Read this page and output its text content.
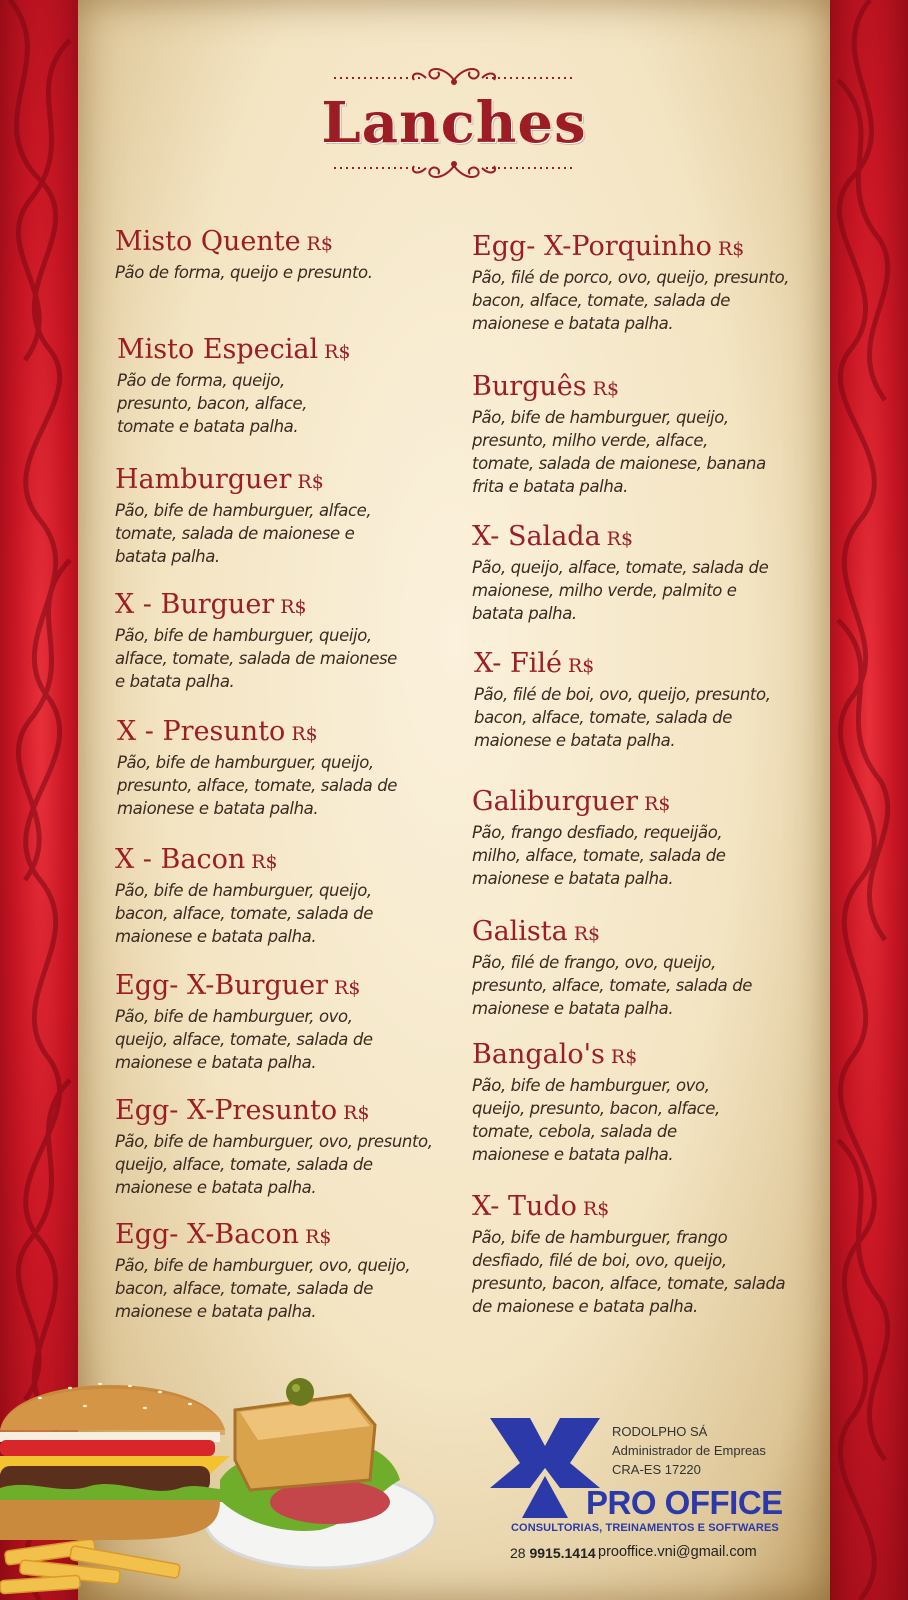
Lanches
Misto Quente R$

Pão de forma, queijo e presunto.

Misto Especial R$

Pão de forma, queijo, presunto, bacon, alface, tomate e batata palha.

Hamburguer R$

Pão, bife de hamburguer, alface, tomate, salada de maionese e batata palha.

X - Burguer R$

Pão, bife de hamburguer, queijo, alface, tomate, salada de maionese e batata palha.

X - Presunto R$

Pão, bife de hamburguer, queijo, presunto, alface, tomate, salada de maionese e batata palha.

X - Bacon R$

Pão, bife de hamburguer, queijo, bacon, alface, tomate, salada de maionese e batata palha.

Egg- X-Burguer R$

Pão, bife de hamburguer, ovo, queijo, alface, tomate, salada de maionese e batata palha.

Egg- X-Presunto R$

Pão, bife de hamburguer, ovo, presunto, queijo, alface, tomate, salada de maionese e batata palha.

Egg- X-Bacon R$

Pão, bife de hamburguer, ovo, queijo, bacon, alface, tomate, salada de maionese e batata palha.

Egg- X-Porquinho R$

Pão, filé de porco, ovo, queijo, presunto, bacon, alface, tomate, salada de maionese e batata palha.

Burguês R$

Pão, bife de hamburguer, queijo, presunto, milho verde, alface, tomate, salada de maionese, banana frita e batata palha.

X- Salada R$

Pão, queijo, alface, tomate, salada de maionese, milho verde, palmito e batata palha.

X- Filé R$

Pão, filé de boi, ovo, queijo, presunto, bacon, alface, tomate, salada de maionese e batata palha.

Galiburguer R$

Pão, frango desfiado, requeijão, milho, alface, tomate, salada de maionese e batata palha.

Galista R$

Pão, filé de frango, ovo, queijo, presunto, alface, tomate, salada de maionese e batata palha.

Bangalo's R$

Pão, bife de hamburguer, ovo, queijo, presunto, bacon, alface, tomate, cebola, salada de maionese e batata palha.

X- Tudo R$

Pão, bife de hamburguer, frango desfiado, filé de boi, ovo, queijo, presunto, bacon, alface, tomate, salada de maionese e batata palha.

RODOLPHO SÁ
Administrador de Empreas
CRA-ES 17220
PRO OFFICE
CONSULTORIAS, TREINAMENTOS E SOFTWARES
28 9915.1414 prooffice.vni@gmail.com
